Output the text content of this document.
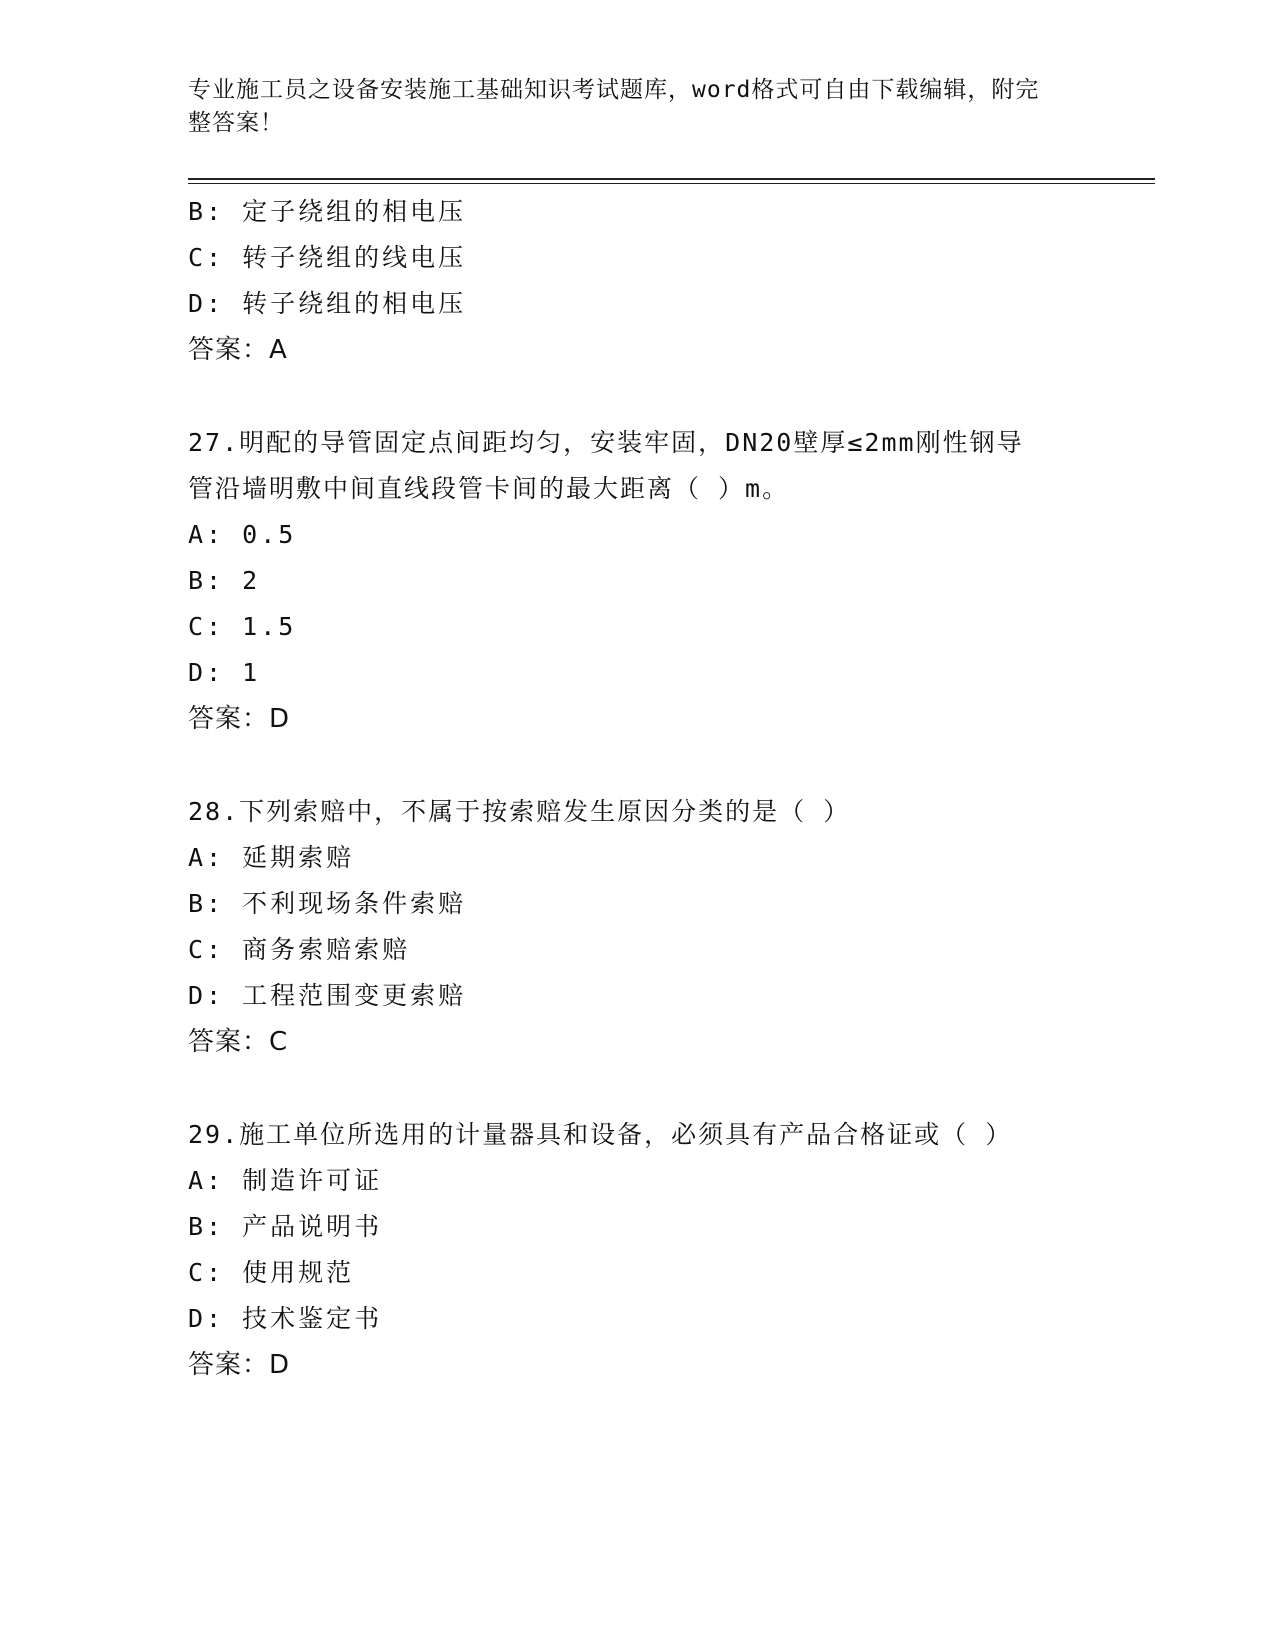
专业施工员之设备安装施工基础知识考试题库，word格式可自由下载编辑，附完
整答案！
B: 定子绕组的相电压
C: 转子绕组的线电压
D: 转子绕组的相电压
答案：A
27.明配的导管固定点间距均匀，安装牢固，DN20壁厚≤2mm刚性钢导
管沿墙明敷中间直线段管卡间的最大距离（ ）m。
A: 0.5
B: 2
C: 1.5
D: 1
答案：D
28.下列索赔中，不属于按索赔发生原因分类的是（ ）
A: 延期索赔
B: 不利现场条件索赔
C: 商务索赔索赔
D: 工程范围变更索赔
答案：C
29.施工单位所选用的计量器具和设备，必须具有产品合格证或（ ）
A: 制造许可证
B: 产品说明书
C: 使用规范
D: 技术鉴定书
答案：D
